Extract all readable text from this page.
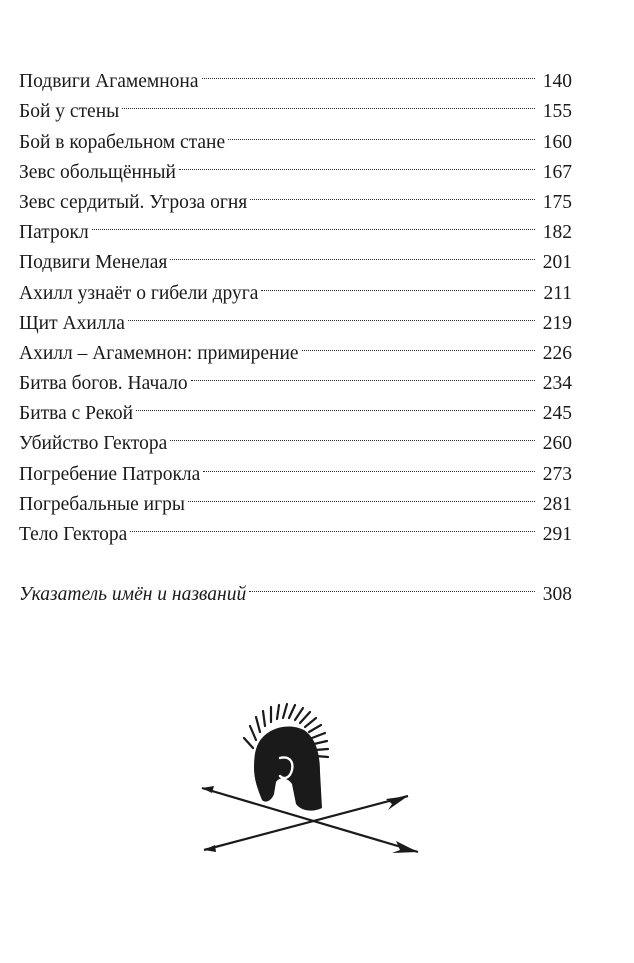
Подвиги Агамемнона	140
Бой у стены	155
Бой в корабельном стане	160
Зевс обольщённый	167
Зевс сердитый. Угроза огня	175
Патрокл	182
Подвиги Менелая	201
Ахилл узнаёт о гибели друга	211
Щит Ахилла	219
Ахилл – Агамемнон: примирение	226
Битва богов. Начало	234
Битва с Рекой	245
Убийство Гектора	260
Погребение Патрокла	273
Погребальные игры	281
Тело Гектора	291
Указатель имён и названий	308
